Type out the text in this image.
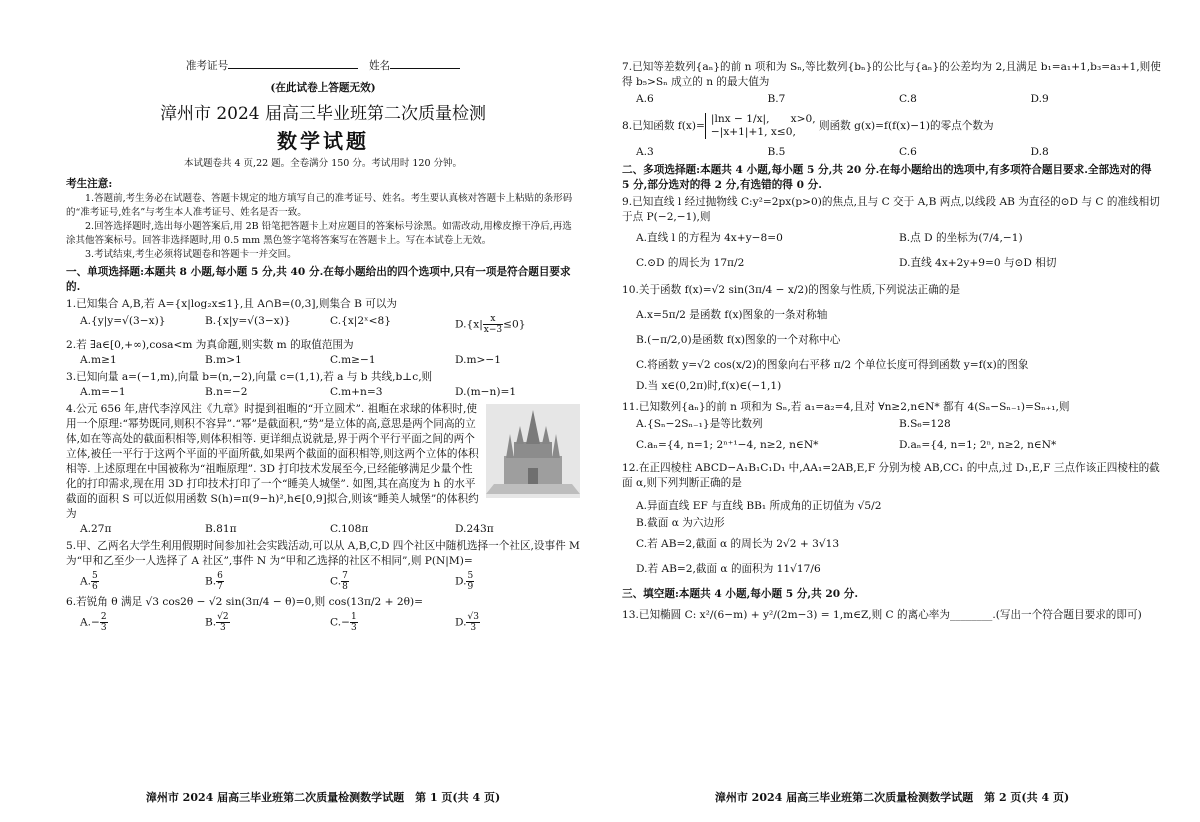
准考证号	姓名
(在此试卷上答题无效)
漳州市 2024 届高三毕业班第二次质量检测
数学试题
本试题卷共 4 页,22 题。全卷满分 150 分。考试用时 120 分钟。
考生注意:
1.答题前,考生务必在试题卷、答题卡规定的地方填写自己的准考证号、姓名。考生要认真核对答题卡上粘贴的条形码的“准考证号,姓名”与考生本人准考证号、姓名是否一致。
2.回答选择题时,选出每小题答案后,用 2B 铅笔把答题卡上对应题目的答案标号涂黑。如需改动,用橡皮擦干净后,再选涂其他答案标号。回答非选择题时,用 0.5 mm 黑色签字笔将答案写在答题卡上。写在本试卷上无效。
3.考试结束,考生必须将试题卷和答题卡一并交回。
一、单项选择题:本题共 8 小题,每小题 5 分,共 40 分.在每小题给出的四个选项中,只有一项是符合题目要求的.
1.已知集合 A,B,若 A={x|log₂x≤1},且 A∩B=(0,3],则集合 B 可以为
A.{y|y=√(3−x)}	B.{x|y=√(3−x)}	C.{x|2ˣ<8}	$D.\{x| \frac{x}{x-3} \le 0\}$
2.若 ∃a∈[0,+∞),cosa<m 为真命题,则实数 m 的取值范围为
A.m≥1	B.m>1	C.m≥−1	D.m>−1
3.已知向量 a=(−1,m),向量 b=(n,−2),向量 c=(1,1),若 a 与 b 共线,b⊥c,则
A.m=−1	B.n=−2	C.m+n=3	D.(m−n)=1
4.公元 656 年,唐代李淳风注《九章》时提到祖暅的“开立圆术”. 祖暅在求球的体积时,使用一个原理:“幂势既同,则积不容异”.“幂”是截面积,“势”是立体的高,意思是两个同高的立体,如在等高处的截面积相等,则体积相等. 更详细点说就是,界于两个平行平面之间的两个立体,被任一平行于这两个平面的平面所截,如果两个截面的面积相等,则这两个立体的体积相等. 上述原理在中国被称为“祖暅原理”. 3D 打印技术发展至今,已经能够满足少量个性化的打印需求,现在用 3D 打印技术打印了一个“睡美人城堡”. 如图,其在高度为 h 的水平截面的面积 S 可以近似用函数 S(h)=π(9−h)²,h∈[0,9]拟合,则该“睡美人城堡”的体积约为
A.27π	B.81π	C.108π	D.243π
5.甲、乙两名大学生利用假期时间参加社会实践活动,可以从 A,B,C,D 四个社区中随机选择一个社区,设事件 M 为“甲和乙至少一人选择了 A 社区”,事件 N 为“甲和乙选择的社区不相同”,则 P(N|M)=
A. $\frac{5}{6}$	B. $\frac{6}{7}$	C. $\frac{7}{8}$	D. $\frac{5}{9}$
6.若锐角 θ 满足 √3 cos2θ − √2 sin(3π/4 − θ)=0,则 cos(13π/2 + 2θ)=
$A.- \frac{2}{3}$	B. $\frac{√2}{3}$	$C.- \frac{1}{3}$	D. $\frac{√3}{3}$
漳州市 2024 届高三毕业班第二次质量检测数学试题　第 1 页(共 4 页)
7.已知等差数列{aₙ}的前 n 项和为 Sₙ,等比数列{bₙ}的公比与{aₙ}的公差均为 2,且满足 b₁=a₁+1,b₃=a₃+1,则使得 b₅>Sₙ 成立的 n 的最大值为
A.6	B.7	C.8	D.9
8.已知函数 f(x)=
|lnx − 1/x|,　　x>0,
−|x+1|+1, x≤0,	则函数 g(x)=f(f(x)−1)的零点个数为
A.3	B.5	C.6	D.8
二、多项选择题:本题共 4 小题,每小题 5 分,共 20 分.在每小题给出的选项中,有多项符合题目要求.全部选对的得 5 分,部分选对的得 2 分,有选错的得 0 分.
9.已知直线 l 经过抛物线 C:y²=2px(p>0)的焦点,且与 C 交于 A,B 两点,以线段 AB 为直径的⊙D 与 C 的准线相切于点 P(−2,−1),则
A.直线 l 的方程为 4x+y−8=0	B.点 D 的坐标为(7/4,−1)
C.⊙D 的周长为 17π/2	D.直线 4x+2y+9=0 与⊙D 相切
10.关于函数 f(x)=√2 sin(3π/4 − x/2)的图象与性质,下列说法正确的是
A.x=5π/2 是函数 f(x)图象的一条对称轴
B.(−π/2,0)是函数 f(x)图象的一个对称中心
C.将函数 y=√2 cos(x/2)的图象向右平移 π/2 个单位长度可得到函数 y=f(x)的图象
D.当 x∈(0,2π)时,f(x)∈(−1,1)
11.已知数列{aₙ}的前 n 项和为 Sₙ,若 a₁=a₂=4,且对 ∀n≥2,n∈N* 都有 4(Sₙ−Sₙ₋₁)=Sₙ₊₁,则
A.{Sₙ−2Sₙ₋₁}是等比数列	B.S₆=128
C.aₙ={4, n=1; 2ⁿ⁺¹−4, n≥2, n∈N*	D.aₙ={4, n=1; 2ⁿ, n≥2, n∈N*
12.在正四棱柱 ABCD−A₁B₁C₁D₁ 中,AA₁=2AB,E,F 分别为棱 AB,CC₁ 的中点,过 D₁,E,F 三点作该正四棱柱的截面 α,则下列判断正确的是
A.异面直线 EF 与直线 BB₁ 所成角的正切值为 √5/2
B.截面 α 为六边形
C.若 AB=2,截面 α 的周长为 2√2 + 3√13
D.若 AB=2,截面 α 的面积为 11√17/6
三、填空题:本题共 4 小题,每小题 5 分,共 20 分.
13.已知椭圆 C: x²/(6−m) + y²/(2m−3) = 1,m∈Z,则 C 的离心率为________.(写出一个符合题目要求的即可)
漳州市 2024 届高三毕业班第二次质量检测数学试题　第 2 页(共 4 页)
